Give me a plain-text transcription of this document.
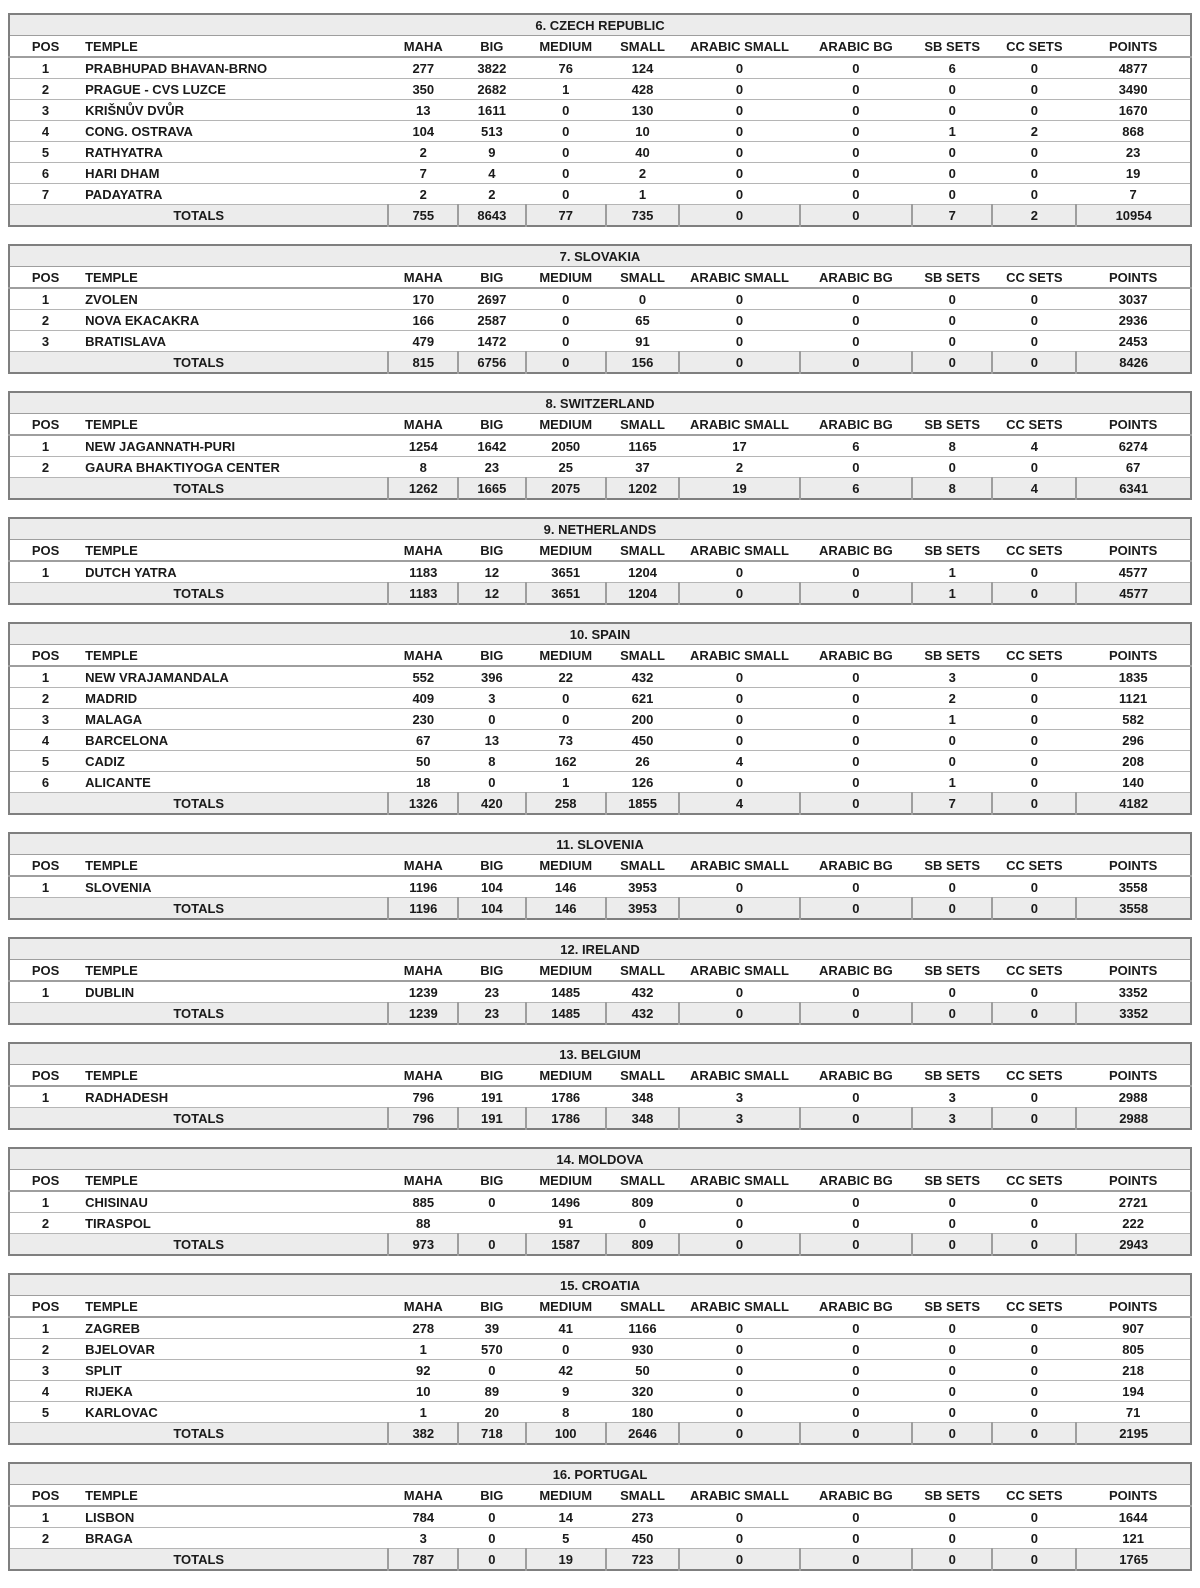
6. CZECH REPUBLIC										
POS	TEMPLE	MAHA	BIG	MEDIUM	SMALL	ARABIC SMALL	ARABIC BG	SB SETS	CC SETS	POINTS
1	PRABHUPAD BHAVAN-BRNO	277	3822	76	124	0	0	6	0	4877
2	PRAGUE - CVS LUZCE	350	2682	1	428	0	0	0	0	3490
3	KRIŠNŮV DVŮR	13	1611	0	130	0	0	0	0	1670
4	CONG. OSTRAVA	104	513	0	10	0	0	1	2	868
5	RATHYATRA	2	9	0	40	0	0	0	0	23
6	HARI DHAM	7	4	0	2	0	0	0	0	19
7	PADAYATRA	2	2	0	1	0	0	0	0	7
TOTALS		755	8643	77	735	0	0	7	2	10954
7. SLOVAKIA										
POS	TEMPLE	MAHA	BIG	MEDIUM	SMALL	ARABIC SMALL	ARABIC BG	SB SETS	CC SETS	POINTS
1	ZVOLEN	170	2697	0	0	0	0	0	0	3037
2	NOVA EKACAKRA	166	2587	0	65	0	0	0	0	2936
3	BRATISLAVA	479	1472	0	91	0	0	0	0	2453
TOTALS		815	6756	0	156	0	0	0	0	8426
8. SWITZERLAND										
POS	TEMPLE	MAHA	BIG	MEDIUM	SMALL	ARABIC SMALL	ARABIC BG	SB SETS	CC SETS	POINTS
1	NEW JAGANNATH-PURI	1254	1642	2050	1165	17	6	8	4	6274
2	GAURA BHAKTIYOGA CENTER	8	23	25	37	2	0	0	0	67
TOTALS		1262	1665	2075	1202	19	6	8	4	6341
9. NETHERLANDS										
POS	TEMPLE	MAHA	BIG	MEDIUM	SMALL	ARABIC SMALL	ARABIC BG	SB SETS	CC SETS	POINTS
1	DUTCH YATRA	1183	12	3651	1204	0	0	1	0	4577
TOTALS		1183	12	3651	1204	0	0	1	0	4577
10. SPAIN										
POS	TEMPLE	MAHA	BIG	MEDIUM	SMALL	ARABIC SMALL	ARABIC BG	SB SETS	CC SETS	POINTS
1	NEW VRAJAMANDALA	552	396	22	432	0	0	3	0	1835
2	MADRID	409	3	0	621	0	0	2	0	1121
3	MALAGA	230	0	0	200	0	0	1	0	582
4	BARCELONA	67	13	73	450	0	0	0	0	296
5	CADIZ	50	8	162	26	4	0	0	0	208
6	ALICANTE	18	0	1	126	0	0	1	0	140
TOTALS		1326	420	258	1855	4	0	7	0	4182
11. SLOVENIA										
POS	TEMPLE	MAHA	BIG	MEDIUM	SMALL	ARABIC SMALL	ARABIC BG	SB SETS	CC SETS	POINTS
1	SLOVENIA	1196	104	146	3953	0	0	0	0	3558
TOTALS		1196	104	146	3953	0	0	0	0	3558
12. IRELAND										
POS	TEMPLE	MAHA	BIG	MEDIUM	SMALL	ARABIC SMALL	ARABIC BG	SB SETS	CC SETS	POINTS
1	DUBLIN	1239	23	1485	432	0	0	0	0	3352
TOTALS		1239	23	1485	432	0	0	0	0	3352
13. BELGIUM										
POS	TEMPLE	MAHA	BIG	MEDIUM	SMALL	ARABIC SMALL	ARABIC BG	SB SETS	CC SETS	POINTS
1	RADHADESH	796	191	1786	348	3	0	3	0	2988
TOTALS		796	191	1786	348	3	0	3	0	2988
14. MOLDOVA										
POS	TEMPLE	MAHA	BIG	MEDIUM	SMALL	ARABIC SMALL	ARABIC BG	SB SETS	CC SETS	POINTS
1	CHISINAU	885	0	1496	809	0	0	0	0	2721
2	TIRASPOL	88		91	0	0	0	0	0	222
TOTALS		973	0	1587	809	0	0	0	0	2943
15. CROATIA										
POS	TEMPLE	MAHA	BIG	MEDIUM	SMALL	ARABIC SMALL	ARABIC BG	SB SETS	CC SETS	POINTS
1	ZAGREB	278	39	41	1166	0	0	0	0	907
2	BJELOVAR	1	570	0	930	0	0	0	0	805
3	SPLIT	92	0	42	50	0	0	0	0	218
4	RIJEKA	10	89	9	320	0	0	0	0	194
5	KARLOVAC	1	20	8	180	0	0	0	0	71
TOTALS		382	718	100	2646	0	0	0	0	2195
16. PORTUGAL										
POS	TEMPLE	MAHA	BIG	MEDIUM	SMALL	ARABIC SMALL	ARABIC BG	SB SETS	CC SETS	POINTS
1	LISBON	784	0	14	273	0	0	0	0	1644
2	BRAGA	3	0	5	450	0	0	0	0	121
TOTALS		787	0	19	723	0	0	0	0	1765
